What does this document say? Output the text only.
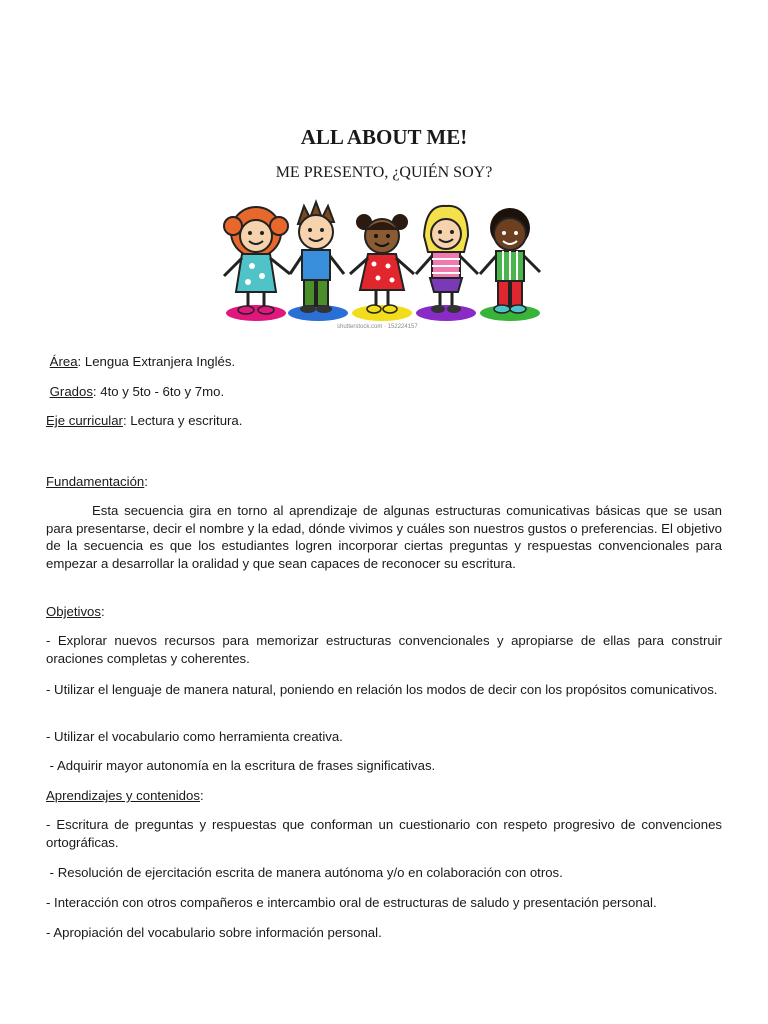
ALL ABOUT ME!
ME PRESENTO, ¿QUIÉN SOY?
shutterstock.com · 152224157
Área: Lengua Extranjera Inglés.
Grados: 4to y 5to - 6to y 7mo.
Eje curricular: Lectura y escritura.
Fundamentación:
Esta secuencia gira en torno al aprendizaje de algunas estructuras comunicativas básicas que se usan para presentarse, decir el nombre y la edad, dónde vivimos y cuáles son nuestros gustos o preferencias. El objetivo de la secuencia es que los estudiantes logren incorporar ciertas preguntas y respuestas convencionales para empezar a desarrollar la oralidad y que sean capaces de reconocer su escritura.
Objetivos:
- Explorar nuevos recursos para memorizar estructuras convencionales y apropiarse de ellas para construir oraciones completas y coherentes.
- Utilizar el lenguaje de manera natural, poniendo en relación los modos de decir con los propósitos comunicativos.
- Utilizar el vocabulario como herramienta creativa.
- Adquirir mayor autonomía en la escritura de frases significativas.
Aprendizajes y contenidos:
- Escritura de preguntas y respuestas que conforman un cuestionario con respeto progresivo de convenciones ortográficas.
- Resolución de ejercitación escrita de manera autónoma y/o en colaboración con otros.
- Interacción con otros compañeros e intercambio oral de estructuras de saludo y presentación personal.
- Apropiación del vocabulario sobre información personal.
